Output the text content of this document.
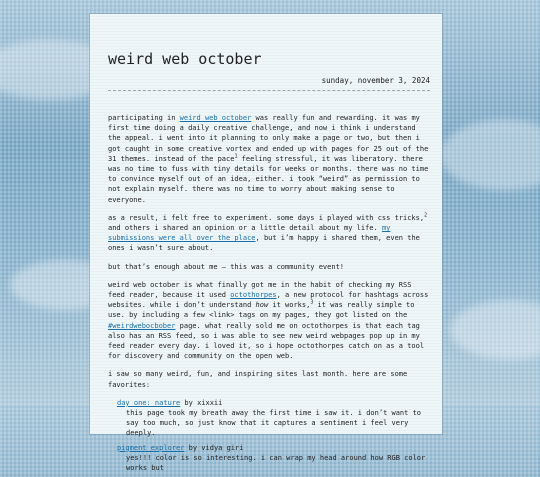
weird web october
sunday, november 3, 2024

participating in weird web october was really fun and rewarding. it was my first time doing a daily creative challenge, and now i think i understand the appeal. i went into it planning to only make a page or two, but then i got caught in some creative vortex and ended up with pages for 25 out of the 31 themes. instead of the pace$^1$ feeling stressful, it was liberatory. there was no time to fuss with tiny details for weeks or months. there was no time to convince myself out of an idea, either. i took “weird” as permission to not explain myself. there was no time to worry about making sense to everyone.

as a result, i felt free to experiment. some days i played with css tricks,$^2$ and others i shared an opinion or a little detail about my life. my submissions were all over the place, but i’m happy i shared them, even the ones i wasn’t sure about.

but that’s enough about me — this was a community event!

weird web october is what finally got me in the habit of checking my RSS feed reader, because it used octothorpes, a new protocol for hashtags across websites. while i don’t understand how it works,$^3$ it was really simple to use. by including a few <link> tags on my pages, they got listed on the #weirdwebocbober page. what really sold me on octothorpes is that each tag also has an RSS feed, so i was able to see new weird webpages pop up in my feed reader every day. i loved it, so i hope octothorpes catch on as a tool for discovery and community on the open web.

i saw so many weird, fun, and inspiring sites last month. here are some favorites:

day one: nature by xixxii
this page took my breath away the first time i saw it. i don’t want to say too much, so just know that it captures a sentiment i feel very deeply.
pigment explorer by vidya giri
yes!!! color is so interesting. i can wrap my head around how RGB color works but
